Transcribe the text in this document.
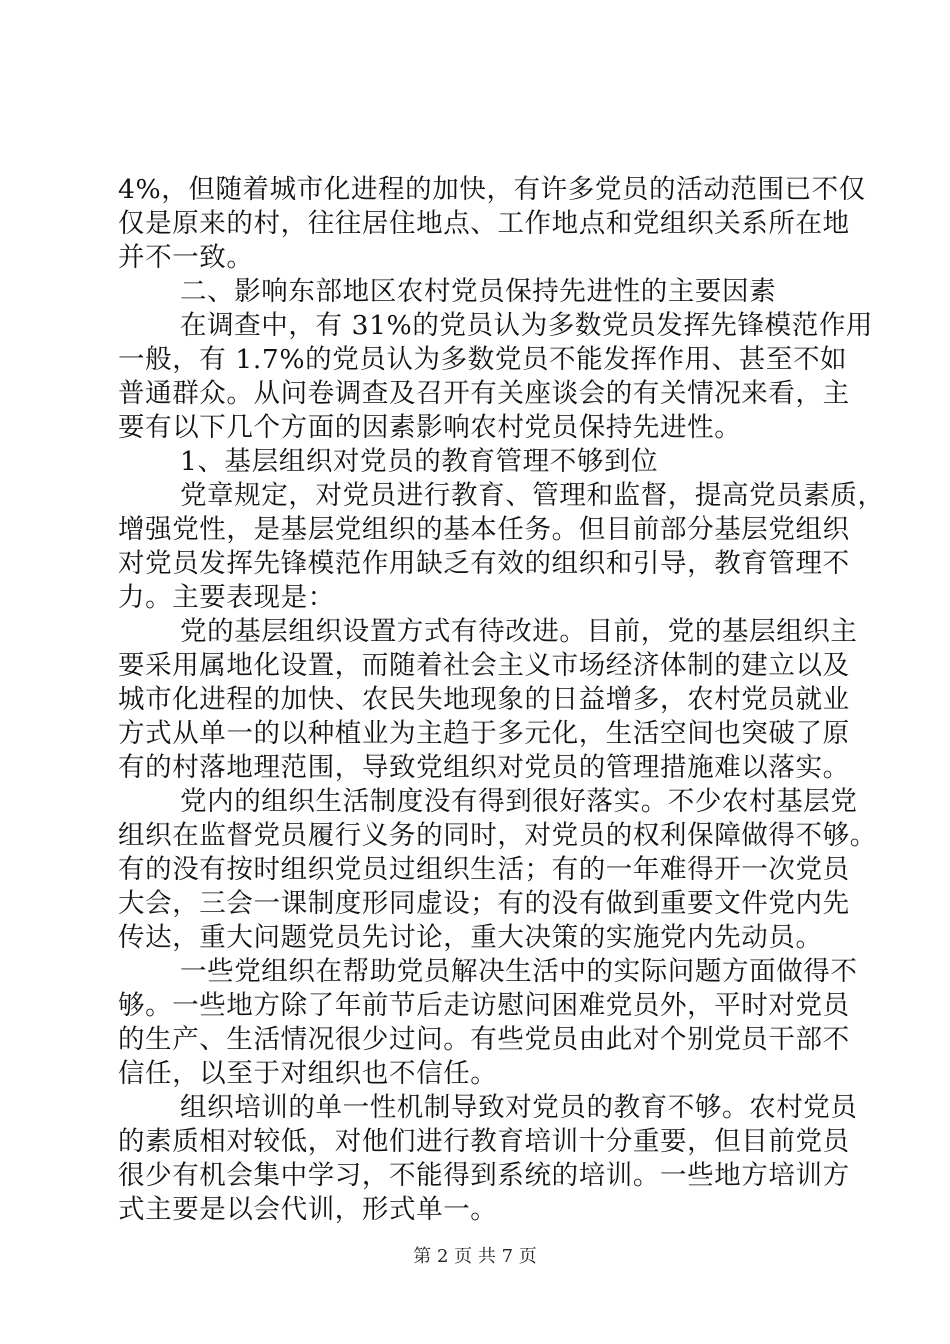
4%，但随着城市化进程的加快，有许多党员的活动范围已不仅
仅是原来的村，往往居住地点、工作地点和党组织关系所在地
并不一致。
二、影响东部地区农村党员保持先进性的主要因素
在调查中，有 31%的党员认为多数党员发挥先锋模范作用
一般，有 1.7%的党员认为多数党员不能发挥作用、甚至不如
普通群众。从问卷调查及召开有关座谈会的有关情况来看，主
要有以下几个方面的因素影响农村党员保持先进性。
1、基层组织对党员的教育管理不够到位
党章规定，对党员进行教育、管理和监督，提高党员素质，
增强党性，是基层党组织的基本任务。但目前部分基层党组织
对党员发挥先锋模范作用缺乏有效的组织和引导，教育管理不
力。主要表现是：
党的基层组织设置方式有待改进。目前，党的基层组织主
要采用属地化设置，而随着社会主义市场经济体制的建立以及
城市化进程的加快、农民失地现象的日益增多，农村党员就业
方式从单一的以种植业为主趋于多元化，生活空间也突破了原
有的村落地理范围，导致党组织对党员的管理措施难以落实。
党内的组织生活制度没有得到很好落实。不少农村基层党
组织在监督党员履行义务的同时，对党员的权利保障做得不够。
有的没有按时组织党员过组织生活；有的一年难得开一次党员
大会，三会一课制度形同虚设；有的没有做到重要文件党内先
传达，重大问题党员先讨论，重大决策的实施党内先动员。
一些党组织在帮助党员解决生活中的实际问题方面做得不
够。一些地方除了年前节后走访慰问困难党员外，平时对党员
的生产、生活情况很少过问。有些党员由此对个别党员干部不
信任，以至于对组织也不信任。
组织培训的单一性机制导致对党员的教育不够。农村党员
的素质相对较低，对他们进行教育培训十分重要，但目前党员
很少有机会集中学习，不能得到系统的培训。一些地方培训方
式主要是以会代训，形式单一。
第 2 页 共 7 页
